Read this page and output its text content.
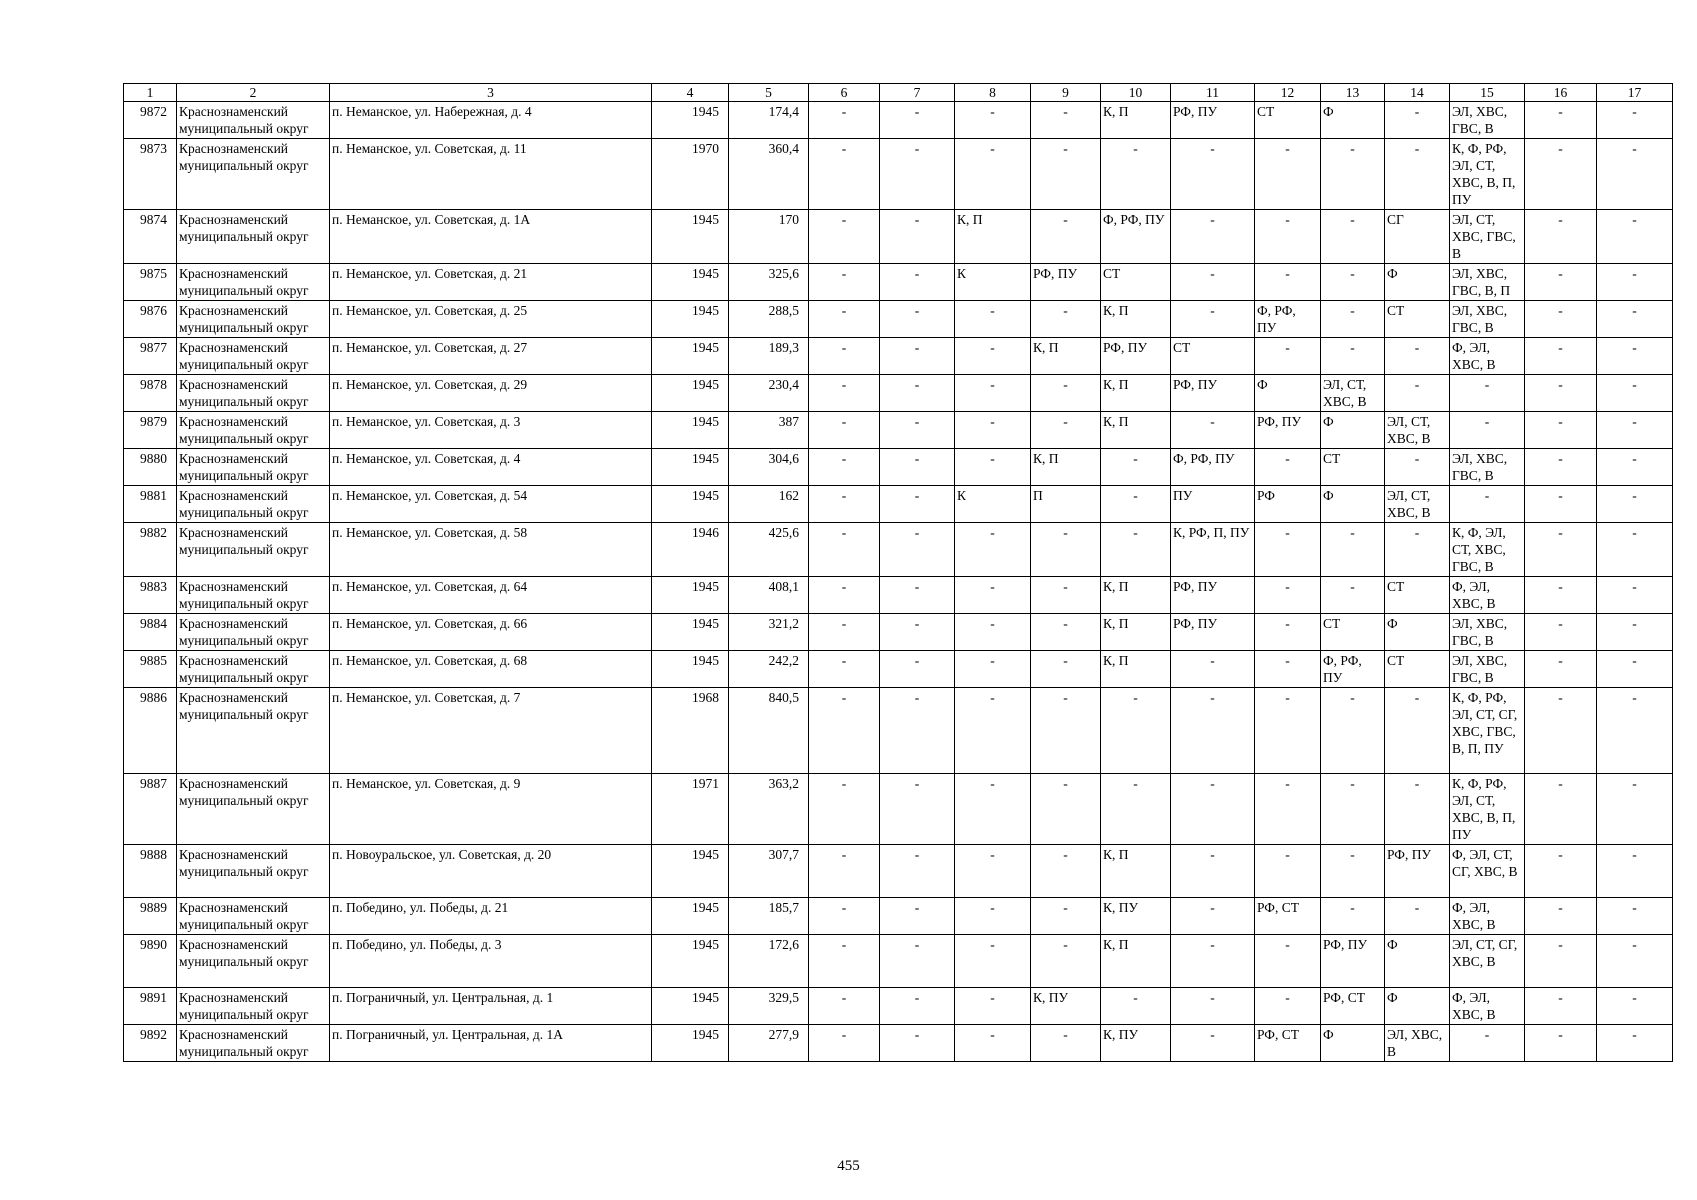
1	2	3	4	5	6	7	8	9	10	11	12	13	14	15	16	17
9872	Краснознаменский муниципальный округ	п. Неманское, ул. Набережная, д. 4	1945	174,4	-	-	-	-	К, П	РФ, ПУ	СТ	Ф	-	ЭЛ, ХВС, ГВС, В	-	-
9873	Краснознаменский муниципальный округ	п. Неманское, ул. Советская, д. 11	1970	360,4	-	-	-	-	-	-	-	-	-	К, Ф, РФ, ЭЛ, СТ, ХВС, В, П, ПУ	-	-
9874	Краснознаменский муниципальный округ	п. Неманское, ул. Советская, д. 1А	1945	170	-	-	К, П	-	Ф, РФ, ПУ	-	-	-	СГ	ЭЛ, СТ, ХВС, ГВС, В	-	-
9875	Краснознаменский муниципальный округ	п. Неманское, ул. Советская, д. 21	1945	325,6	-	-	К	РФ, ПУ	СТ	-	-	-	Ф	ЭЛ, ХВС, ГВС, В, П	-	-
9876	Краснознаменский муниципальный округ	п. Неманское, ул. Советская, д. 25	1945	288,5	-	-	-	-	К, П	-	Ф, РФ, ПУ	-	СТ	ЭЛ, ХВС, ГВС, В	-	-
9877	Краснознаменский муниципальный округ	п. Неманское, ул. Советская, д. 27	1945	189,3	-	-	-	К, П	РФ, ПУ	СТ	-	-	-	Ф, ЭЛ, ХВС, В	-	-
9878	Краснознаменский муниципальный округ	п. Неманское, ул. Советская, д. 29	1945	230,4	-	-	-	-	К, П	РФ, ПУ	Ф	ЭЛ, СТ, ХВС, В	-	-	-	-
9879	Краснознаменский муниципальный округ	п. Неманское, ул. Советская, д. 3	1945	387	-	-	-	-	К, П	-	РФ, ПУ	Ф	ЭЛ, СТ, ХВС, В	-	-	-
9880	Краснознаменский муниципальный округ	п. Неманское, ул. Советская, д. 4	1945	304,6	-	-	-	К, П	-	Ф, РФ, ПУ	-	СТ	-	ЭЛ, ХВС, ГВС, В	-	-
9881	Краснознаменский муниципальный округ	п. Неманское, ул. Советская, д. 54	1945	162	-	-	К	П	-	ПУ	РФ	Ф	ЭЛ, СТ, ХВС, В	-	-	-
9882	Краснознаменский муниципальный округ	п. Неманское, ул. Советская, д. 58	1946	425,6	-	-	-	-	-	К, РФ, П, ПУ	-	-	-	К, Ф, ЭЛ, СТ, ХВС, ГВС, В	-	-
9883	Краснознаменский муниципальный округ	п. Неманское, ул. Советская, д. 64	1945	408,1	-	-	-	-	К, П	РФ, ПУ	-	-	СТ	Ф, ЭЛ, ХВС, В	-	-
9884	Краснознаменский муниципальный округ	п. Неманское, ул. Советская, д. 66	1945	321,2	-	-	-	-	К, П	РФ, ПУ	-	СТ	Ф	ЭЛ, ХВС, ГВС, В	-	-
9885	Краснознаменский муниципальный округ	п. Неманское, ул. Советская, д. 68	1945	242,2	-	-	-	-	К, П	-	-	Ф, РФ, ПУ	СТ	ЭЛ, ХВС, ГВС, В	-	-
9886	Краснознаменский муниципальный округ	п. Неманское, ул. Советская, д. 7	1968	840,5	-	-	-	-	-	-	-	-	-	К, Ф, РФ, ЭЛ, СТ, СГ, ХВС, ГВС, В, П, ПУ	-	-
9887	Краснознаменский муниципальный округ	п. Неманское, ул. Советская, д. 9	1971	363,2	-	-	-	-	-	-	-	-	-	К, Ф, РФ, ЭЛ, СТ, ХВС, В, П, ПУ	-	-
9888	Краснознаменский муниципальный округ	п. Новоуральское, ул. Советская, д. 20	1945	307,7	-	-	-	-	К, П	-	-	-	РФ, ПУ	Ф, ЭЛ, СТ, СГ, ХВС, В	-	-
9889	Краснознаменский муниципальный округ	п. Победино, ул. Победы, д. 21	1945	185,7	-	-	-	-	К, ПУ	-	РФ, СТ	-	-	Ф, ЭЛ, ХВС, В	-	-
9890	Краснознаменский муниципальный округ	п. Победино, ул. Победы, д. 3	1945	172,6	-	-	-	-	К, П	-	-	РФ, ПУ	Ф	ЭЛ, СТ, СГ, ХВС, В	-	-
9891	Краснознаменский муниципальный округ	п. Пограничный, ул. Центральная, д. 1	1945	329,5	-	-	-	К, ПУ	-	-	-	РФ, СТ	Ф	Ф, ЭЛ, ХВС, В	-	-
9892	Краснознаменский муниципальный округ	п. Пограничный, ул. Центральная, д. 1А	1945	277,9	-	-	-	-	К, ПУ	-	РФ, СТ	Ф	ЭЛ, ХВС, В	-	-	-
455
